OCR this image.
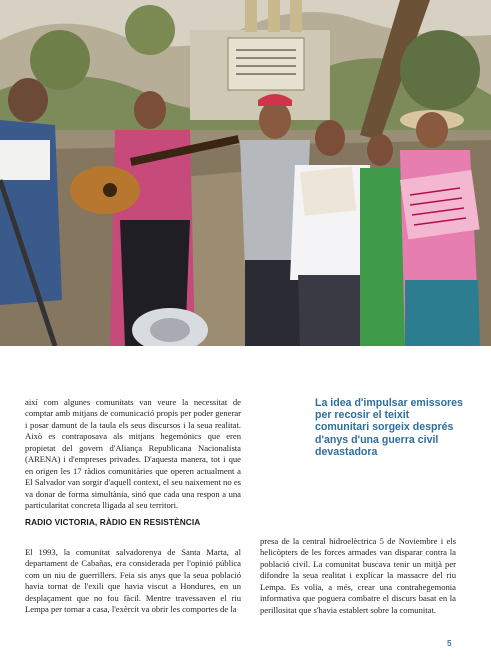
així com algunes comunitats van veure la necessitat de comptar amb mitjans de comunicació propis per poder generar i posar damunt de la taula els seus discursos i la seua realitat. Això es contraposava als mitjans hegemònics que eren propietat del govern d'Aliança Republicana Nacionalista (ARENA) i d'empreses privades. D'aquesta manera, tot i que en origen les 17 ràdios comunitàries que operen actualment a El Salvador van sorgir d'aquell context, el seu naixement no es va donar de forma simultània, sinó que cada una respon a una particularitat concreta lligada al seu territori.
RADIO VICTORIA, RÀDIO EN RESISTÈNCIA
El 1993, la comunitat salvadorenya de Santa Marta, al departament de Cabañas, era considerada per l'opinió pública com un niu de guerrillers. Feia sis anys que la seua població havia tornat de l'exili que havia viscut a Hondures, en un desplaçament que no fou fàcil. Mentre travessaven el riu Lempa per tornar a casa, l'exèrcit va obrir les comportes de la
presa de la central hidroelèctrica 5 de Noviembre i els helicòpters de les forces armades van disparar contra la població civil. La comunitat buscava tenir un mitjà per difondre la seua realitat i explicar la massacre del riu Lempa. Es volia, a més, crear una contrahegemonia informativa que poguera combatre el discurs basat en la perillositat que s'havia establert sobre la comunitat.
La idea d'impulsar emissores per recosir el teixit comunitari sorgeix després d'anys d'una guerra civil devastadora
5
